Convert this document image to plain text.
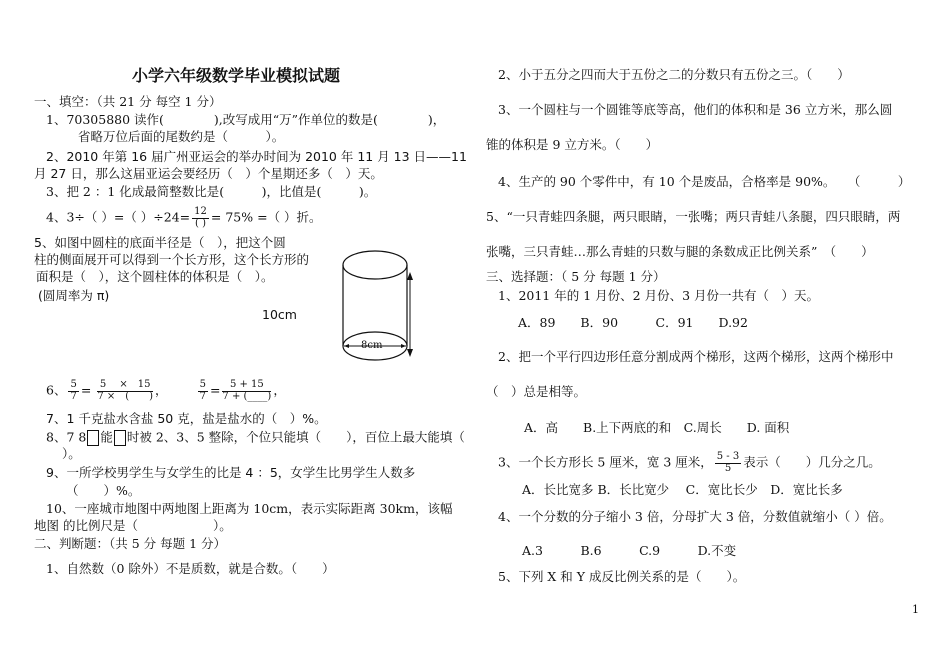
小学六年级数学毕业模拟试题
一、填空：（共 21 分 每空 1 分）
1、70305880 读作(　　　　),改写成用“万”作单位的数是(　　　　)，
省略万位后面的尾数约是（　　　）。
2、2010 年第 16 届广州亚运会的举办时间为 2010 年 11 月 13 日——11
月 27 日，那么这届亚运会要经历（　）个星期还多（　）天。
3、把 2 ：1 化成最简整数比是(　　　)，比值是(　　　)。
4、3÷（ ）=（ ）$\div 24= \frac{12}{( )} = 75\%$ =（ ）折。
5、如图中圆柱的底面半径是（　），把这个圆
柱的侧面展开可以得到一个长方形，这个长方形的
面积是（　），这个圆柱体的体积是（　）。
(圆周率为 π)
10cm
8cm
6、 $\frac{5}{7} = \frac{5 \times 15}{7 \times ( )}$ ，	$\frac{5}{7} = \frac{5 + 15}{7 + (\_\_\_\_)}$ ，
7、1 千克盐水含盐 50 克，盐是盐水的（　）%。
8、7 8 能 时被 2、3、5 整除，个位只能填（　　），百位上最大能填（
）。
9、一所学校男学生与女学生的比是 4 ：5，女学生比男学生人数多
（　　）%。
10、一座城市地图中两地图上距离为 10cm，表示实际距离 30km，该幅
地图 的比例尺是（　　　　　　）。
二、判断题：（共 5 分 每题 1 分）
1、自然数（0 除外）不是质数，就是合数。（　　）
2、小于五分之四而大于五份之二的分数只有五份之三。（　　）
3、一个圆柱与一个圆锥等底等高，他们的体积和是 36 立方米，那么圆
锥的体积是 9 立方米。（　　）
4、生产的 90 个零件中，有 10 个是废品，合格率是 90%。　　（　　　）
5、“一只青蛙四条腿，两只眼睛，一张嘴；两只青蛙八条腿，四只眼睛，两
张嘴，三只青蛙…那么青蛙的只数与腿的条数成正比例关系”　（　　）
三、选择题：（ 5 分 每题 1 分）
1、2011 年的 1 月份、2 月份、3 月份一共有（　）天。
A．89　　B．90　　　C．91　　D.92
2、把一个平行四边形任意分割成两个梯形，这两个梯形，这两个梯形中
（　）总是相等。
A．高　　B.上下两底的和　C.周长　　D. 面积
3、一个长方形长 5 厘米，宽 3 厘米， $\frac{5 - 3}{5}$ 表示（　　）几分之几。
A．长比宽多 B．长比宽少　 C．宽比长少　D．宽比长多
4、一个分数的分子缩小 3 倍，分母扩大 3 倍，分数值就缩小（ ）倍。
A.3　　　B.6　　　C.9　　　D.不变
5、下列 X 和 Y 成反比例关系的是（　　）。
1
